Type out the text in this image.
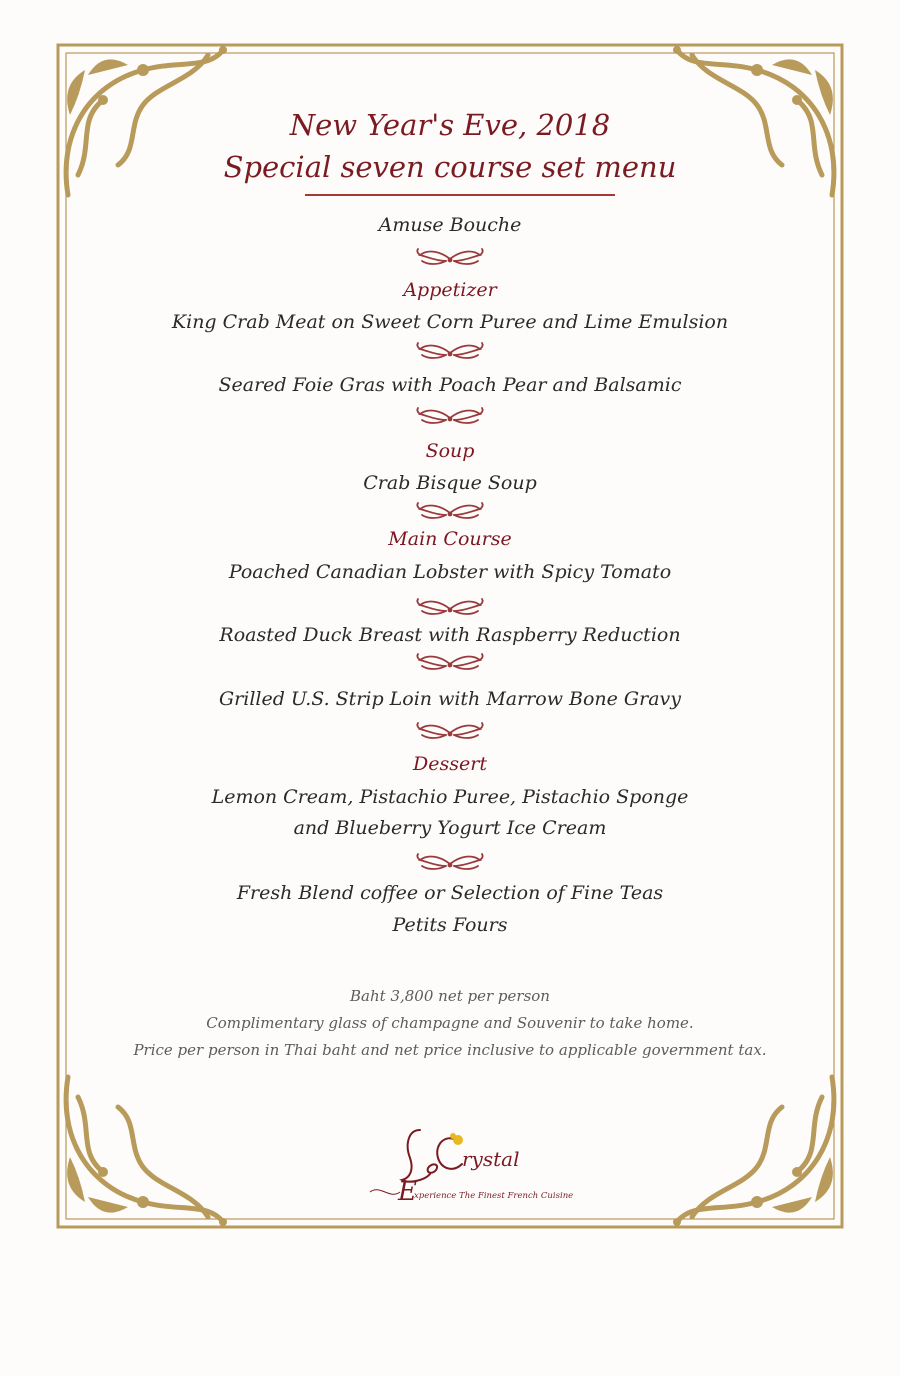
New Year's Eve, 2018
Special seven course set menu
Amuse Bouche
Appetizer
King Crab Meat on Sweet Corn Puree and Lime Emulsion
Seared Foie Gras with Poach Pear and Balsamic
Soup
Crab Bisque Soup
Main Course
Poached Canadian Lobster with Spicy Tomato
Roasted Duck Breast with Raspberry Reduction
Grilled U.S. Strip Loin with Marrow Bone Gravy
Dessert
Lemon Cream, Pistachio Puree, Pistachio Sponge
and Blueberry Yogurt Ice Cream
Fresh Blend coffee or Selection of Fine Teas
Petits Fours
Baht 3,800 net per person
Complimentary glass of champagne and Souvenir to take home.
Price per person in Thai baht and net price inclusive to applicable government tax.
rystal
E
xperience The Finest French Cuisine
